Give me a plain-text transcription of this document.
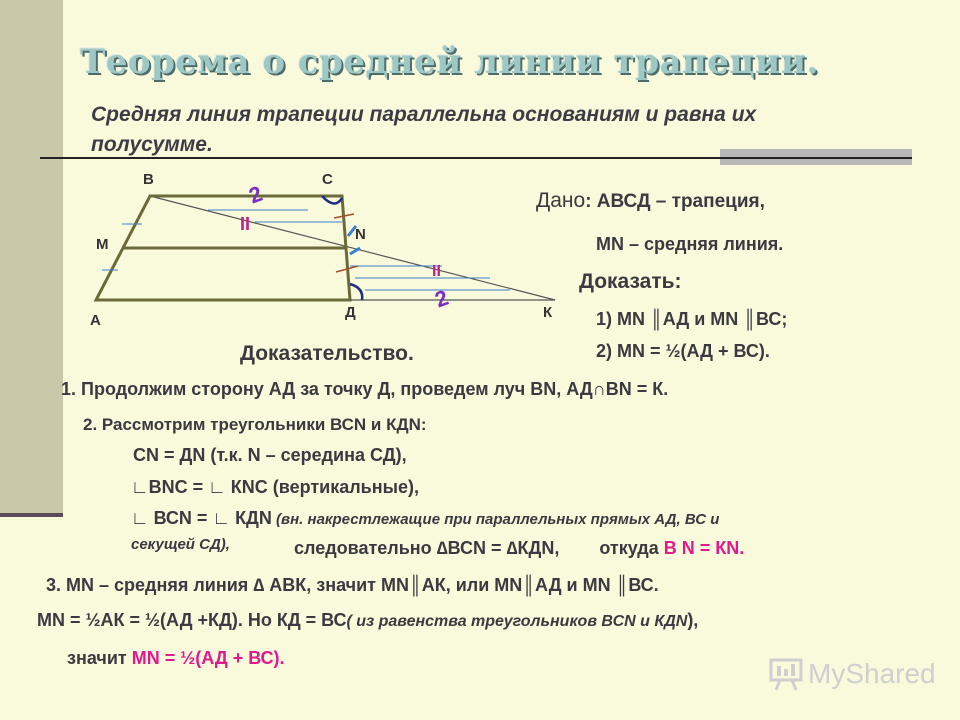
Теорема о средней линии трапеции.
Средняя линия трапеции параллельна основаниям и равна их полусумме.
2
2
II
II
В	С
М
N
А	Д	К
Дано: АВСД – трапеция,
МN – средняя линия.
Доказать:
1) MN ║АД и MN ║ВС;
2) MN = ½(АД + ВС).
Доказательство.
1. Продолжим сторону АД за точку Д, проведем луч ВN, АД∩ВN = К.
2. Рассмотрим треугольники ВСN и КДN:
СN = ДN (т.к. N – середина СД),
∟ВNC = ∟ КNC (вертикальные),
∟ ВСN = ∟ КДN (вн. накрестлежащие при параллельных прямых АД, ВС и
секущей СД),	следовательно ∆ВСN = ∆КДN, откуда В N = КN.
3. МN – средняя линия ∆ АВК, значит MN║АК, или MN║АД и MN ║ВС.
MN = ½АК = ½(АД +КД). Но КД = ВС( из равенства треугольников ВСN и КДN),
значит MN = ½(АД + ВС).	MyShared
